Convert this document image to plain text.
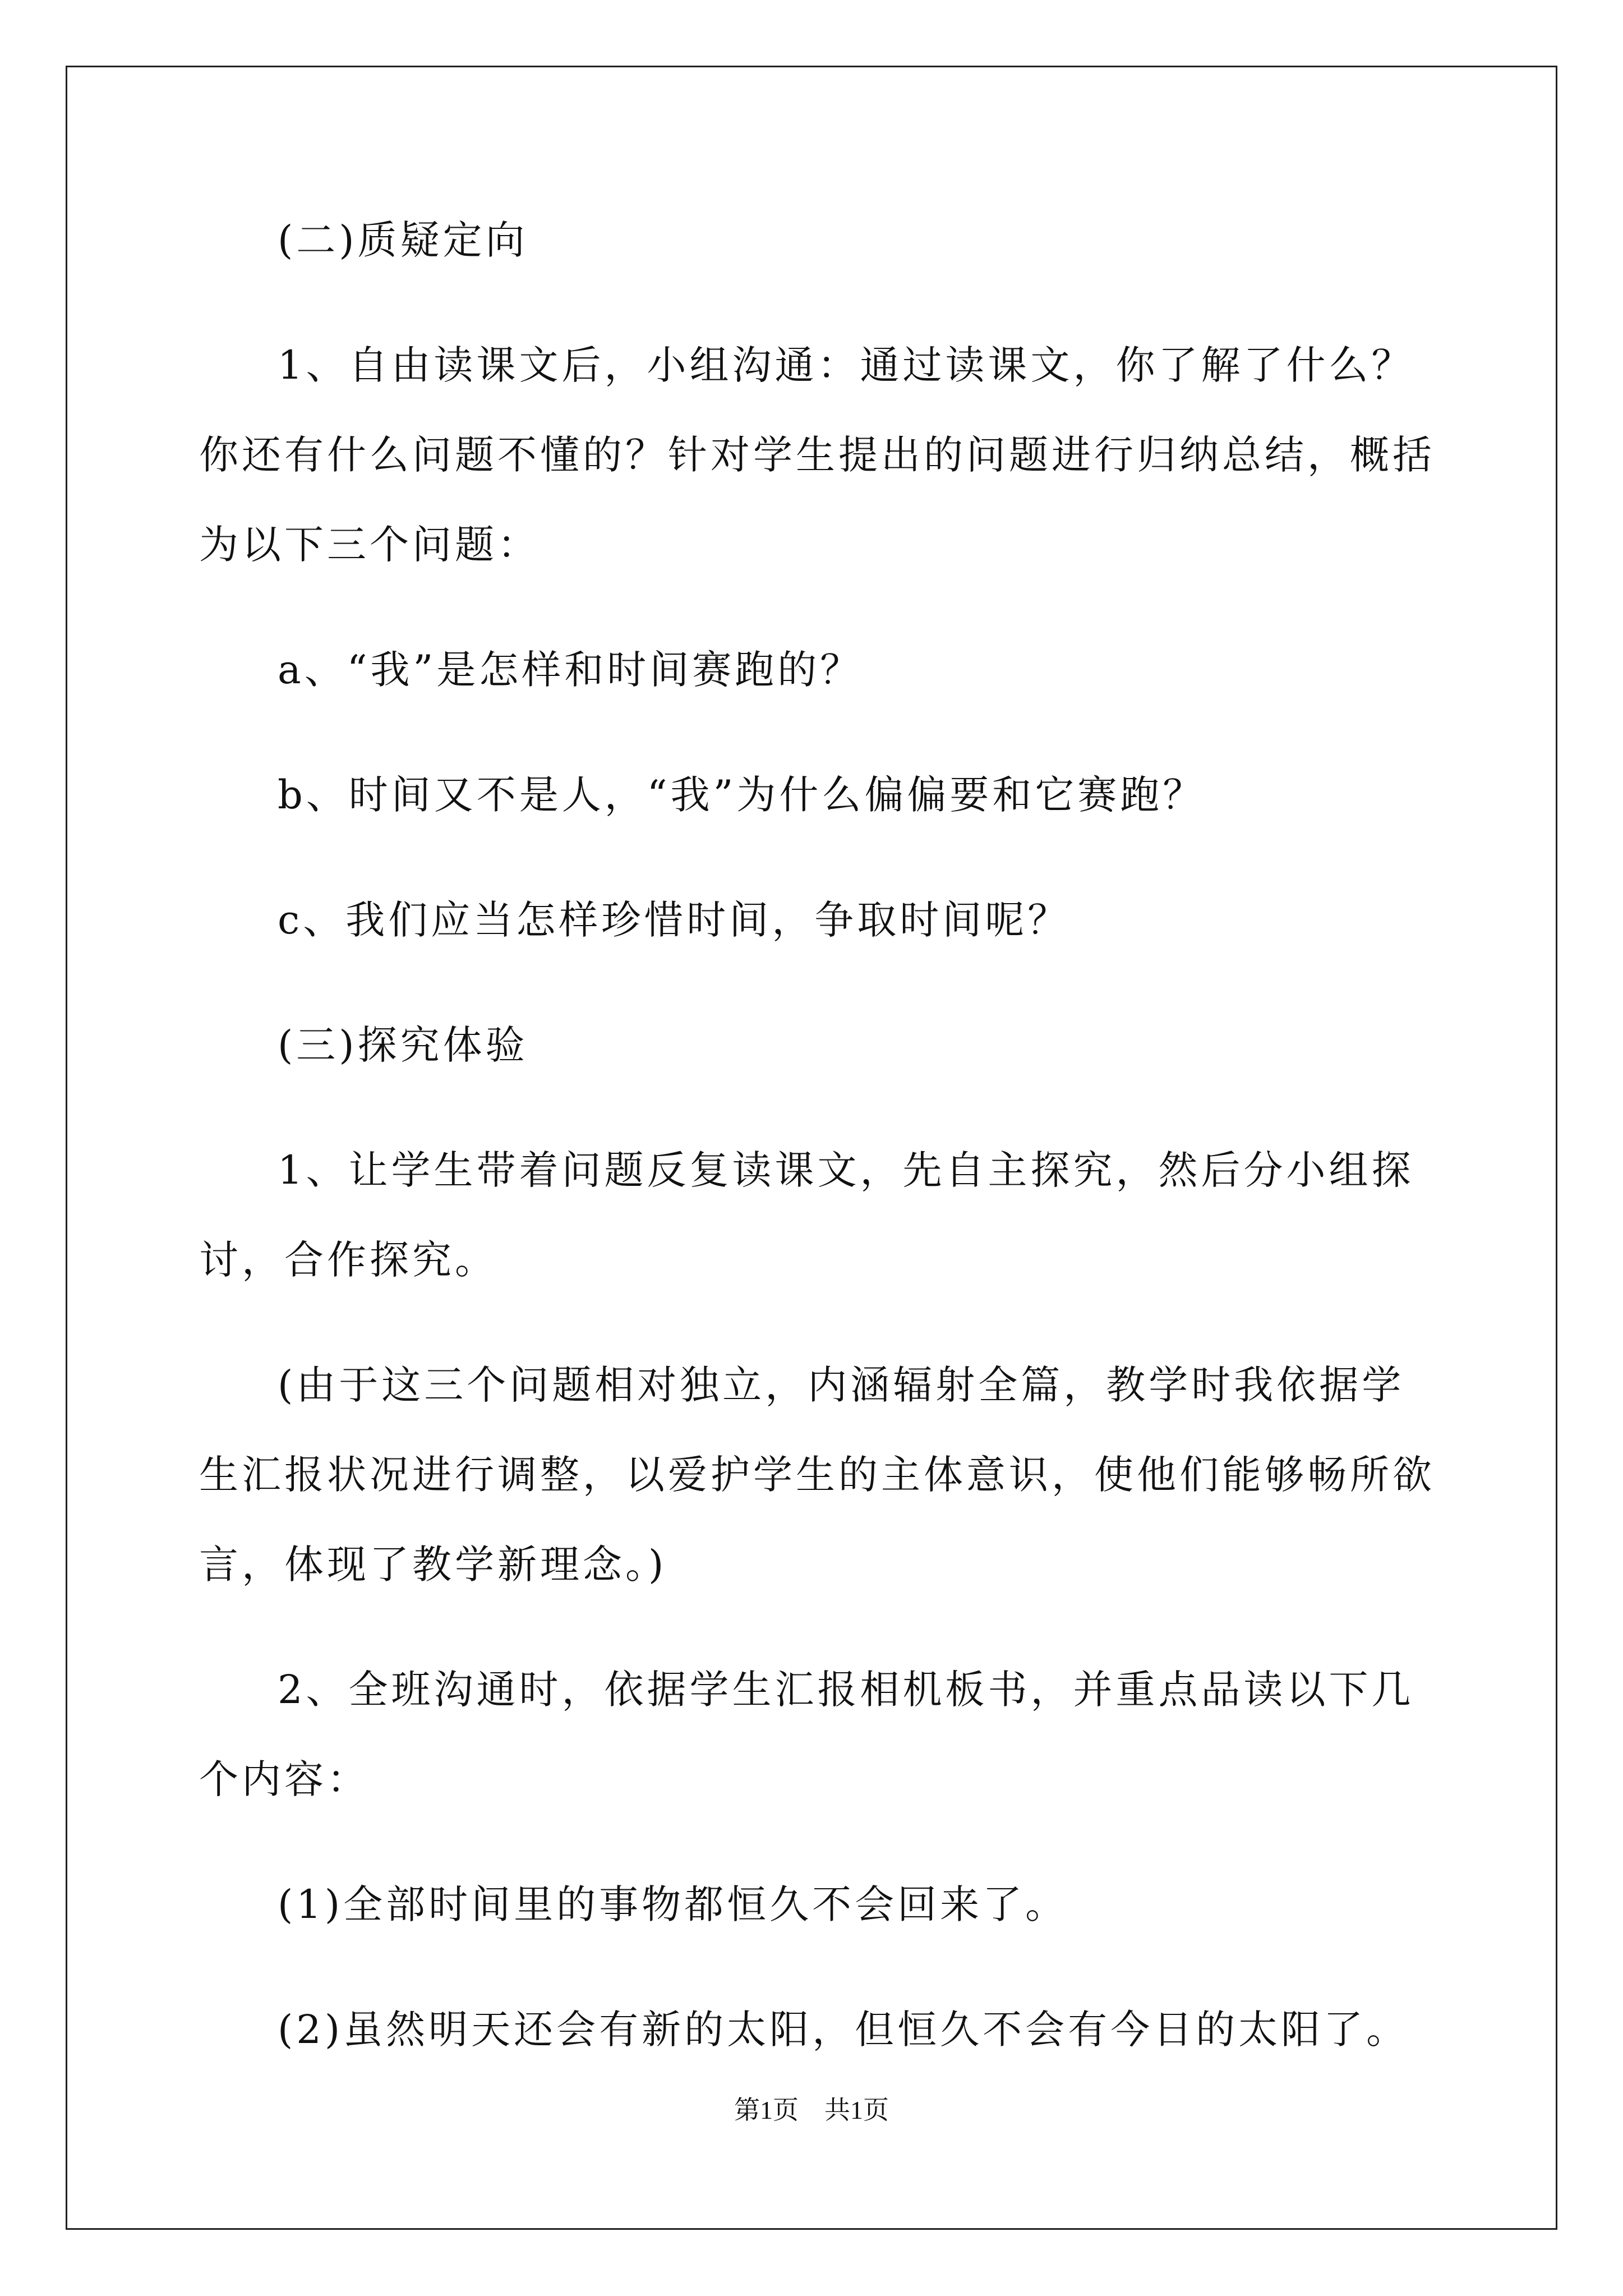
(二)质疑定向

1、自由读课文后，小组沟通：通过读课文，你了解了什么？你还有什么问题不懂的？针对学生提出的问题进行归纳总结，概括为以下三个问题：

a、“我”是怎样和时间赛跑的？

b、时间又不是人，“我”为什么偏偏要和它赛跑？

c、我们应当怎样珍惜时间，争取时间呢？

(三)探究体验

1、让学生带着问题反复读课文，先自主探究，然后分小组探讨，合作探究。

(由于这三个问题相对独立，内涵辐射全篇，教学时我依据学生汇报状况进行调整，以爱护学生的主体意识，使他们能够畅所欲言，体现了教学新理念。)

2、全班沟通时，依据学生汇报相机板书，并重点品读以下几个内容：

(1)全部时间里的事物都恒久不会回来了。

(2)虽然明天还会有新的太阳，但恒久不会有今日的太阳了。

第1页　共1页
